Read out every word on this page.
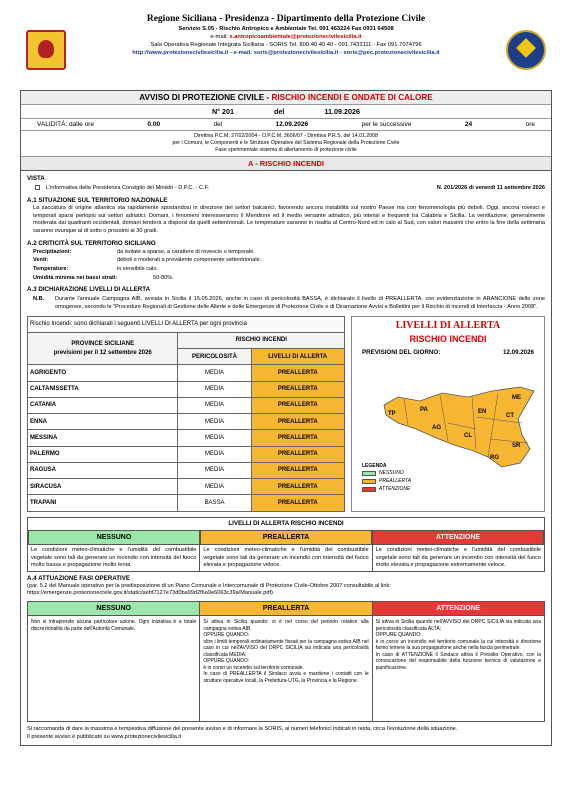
Regione Siciliana - Presidenza - Dipartimento della Protezione Civile
Servizio S.05 - Rischio Antropico e Ambientale Tel. 091 463224 Fax 0931 64508
e-mail: s.antropicoambientale@protezionecivilesicilia.it
Sala Operativa Regionale Integrata Siciliana - SORIS Tel. 800.40.40.40 - 091.7433111 - Fax 091.7074796
http://www.protezionecivilesicilia.it - e-mail: soris@protezionecivilesicilia.it - soris@pec.protezionecivilesicilia.it
AVVISO DI PROTEZIONE CIVILE - RISCHIO INCENDI E ONDATE DI CALORE
N° 201	del	11.09.2026
VALIDITÀ: dalle ore	0.00	del	12.09.2026	per le successive	24	ore
Direttiva P.C.M. 27/02/2004 - O.P.C.M. 3606/07 - Direttiva P.R.S. del 14.01.2008
per i Comuni, le Componenti e le Strutture Operative del Sistema Regionale della Protezione Civile
Fase sperimentale sistema di allertamento di protezione civile
A - RISCHIO INCENDI
VISTA
L'informativa della Presidenza Consiglio dei Ministri - D.P.C. - C.F.	N. 201/2026 di venerdì 11 settembre 2026
A.1 SITUAZIONE SUL TERRITORIO NAZIONALE
La saccatura di origine atlantica sta rapidamente spostandosi in direzione dei settori balcanici, favorendo ancora instabilità sul nostro Paese ma con fenomenologia più deboli. Oggi, ancora rovesci e temporali sparsi perlopiù sui settori adriatici. Domani, i fenomeni interesseranno il Meridione ed il medio versante adriatico, più intensi e frequenti tra Calabria e Sicilia. La ventilazione, generalmente moderata dai quadranti occidentali, domani tenderà a disporsi da quelli settentrionali. Le temperature saranno in risalita al Centro-Nord ed in calo al Sud, con valori massimi che entro la fine della settimana saranno ovunque al di sotto o prossimi ai 30 gradi.
A.2 CRITICITÀ SUL TERRITORIO SICILIANO
Precipitazioni:	da isolate a sparse, a carattere di rovescio o temporale.
Venti:	deboli o moderati a prevalente componente settentrionale.
Temperature:	in sensibile calo.
Umidità minima nei bassi strati:	50-80%.
A.3 DICHIARAZIONE LIVELLI DI ALLERTA
N.B.	Durante l'annuale Campagna AIB, avviata in Sicilia il 15.05.2026, anche in caso di pericolosità BASSA, è dichiarato il livello di PREALLERTA, con evidenziazione in ARANCIONE delle zone omogenee, secondo le "Procedure Regionali di Gestione delle Allerte e delle Emergenze di Protezione Civile e di Diramazione Avvisi e Bollettini per il Rischio di incendi di Interfaccia - Anno 2008".
Rischio Incendi: sono dichiarati i seguenti LIVELLI DI ALLERTA per ogni provincia		

PROVINCE SICILIANE
previsioni per il 12 settembre 2026	RISCHIO INCENDI	
	PERICOLOSITÀ	LIVELLI DI ALLERTA
AGRIGENTO	MEDIA	PREALLERTA
CALTANISSETTA	MEDIA	PREALLERTA
CATANIA	MEDIA	PREALLERTA
ENNA	MEDIA	PREALLERTA
MESSINA	MEDIA	PREALLERTA
PALERMO	MEDIA	PREALLERTA
RAGUSA	MEDIA	PREALLERTA
SIRACUSA	MEDIA	PREALLERTA
TRAPANI	BASSA	PREALLERTA
LIVELLI DI ALLERTA
RISCHIO INCENDI
PREVISIONI DEL GIORNO:	12.09.2026
TP
PA
ME
EN
CT
AG
CL
SR
RG
LEGENDA
NESSUNO
PREALLERTA
ATTENZIONE
LIVELLI DI ALLERTA RISCHIO INCENDI
NESSUNO	PREALLERTA	ATTENZIONE
Le condizioni meteo-climatiche e l'umidità del combustibile vegetale sono tali da generare un incendio con intensità del fuoco molto bassa e propagazione molto lenta.
Le condizioni meteo-climatiche e l'umidità del combustibile vegetale sono tali da generare un incendio con intensità del fuoco elevata e propagazione veloce.
Le condizioni meteo-climatiche e l'umidità del combustibile vegetale sono tali da generare un incendio con intensità del fuoco molto elevata e propagazione estremamente veloce.
A.4 ATTUAZIONE FASI OPERATIVE
(par. 5.2 del Manuale operativo per la predisposizione di un Piano Comunale e Intercomunale di Protezione Civile-Ottobre 2007 consultabile al link: https://emergenze.protezionecivile.gov.it/static/aefd7127e73d0ba99d2f6a9e6063c39a/Manuale.pdf)
NESSUNO
Non si intraprende alcuna particolare azione. Ogni iniziativa è a totale discrezionalità da parte dell'Autorità Comunale.
PREALLERTA
Si attiva in Sicilia quando: si è nel corso del periodo relativo alla campagna estiva AIB.
OPPURE QUANDO:
oltre i limiti temporali ordinariamente fissati per la campagna estiva AIB nel caso in cui nell'AVVISO del DRPC SICILIA sia indicata una pericolosità classificata MEDIA;
OPPURE QUANDO:
è in corso un incendio sul territorio comunale.
In caso di PREALLERTA il Sindaco avvia e mantiene i contatti con le strutture operative locali, la Prefettura-UTG, la Provincia e la Regione.
ATTENZIONE
Si attiva in Sicilia quando nell'AVVISO del DRPC SICILIA sia indicata una pericolosità classificata ALTA;
OPPURE QUANDO:
è in corso un incendio nel territorio comunale la cui intensità e direzione fanno temere la sua propagazione anche nella fascia perimetrale.
In caso di ATTENZIONE il Sindaco attiva il Presidio Operativo, con la convocazione del responsabile della funzione tecnica di valutazione e pianificazione.
Si raccomanda di dare la massima e tempestiva diffusione del presente avviso e di informare la SORIS, ai numeri telefonici indicati in testa, circa l'evoluzione della situazione.
Il presente avviso è pubblicato su www.protezionecivilesicilia.it
